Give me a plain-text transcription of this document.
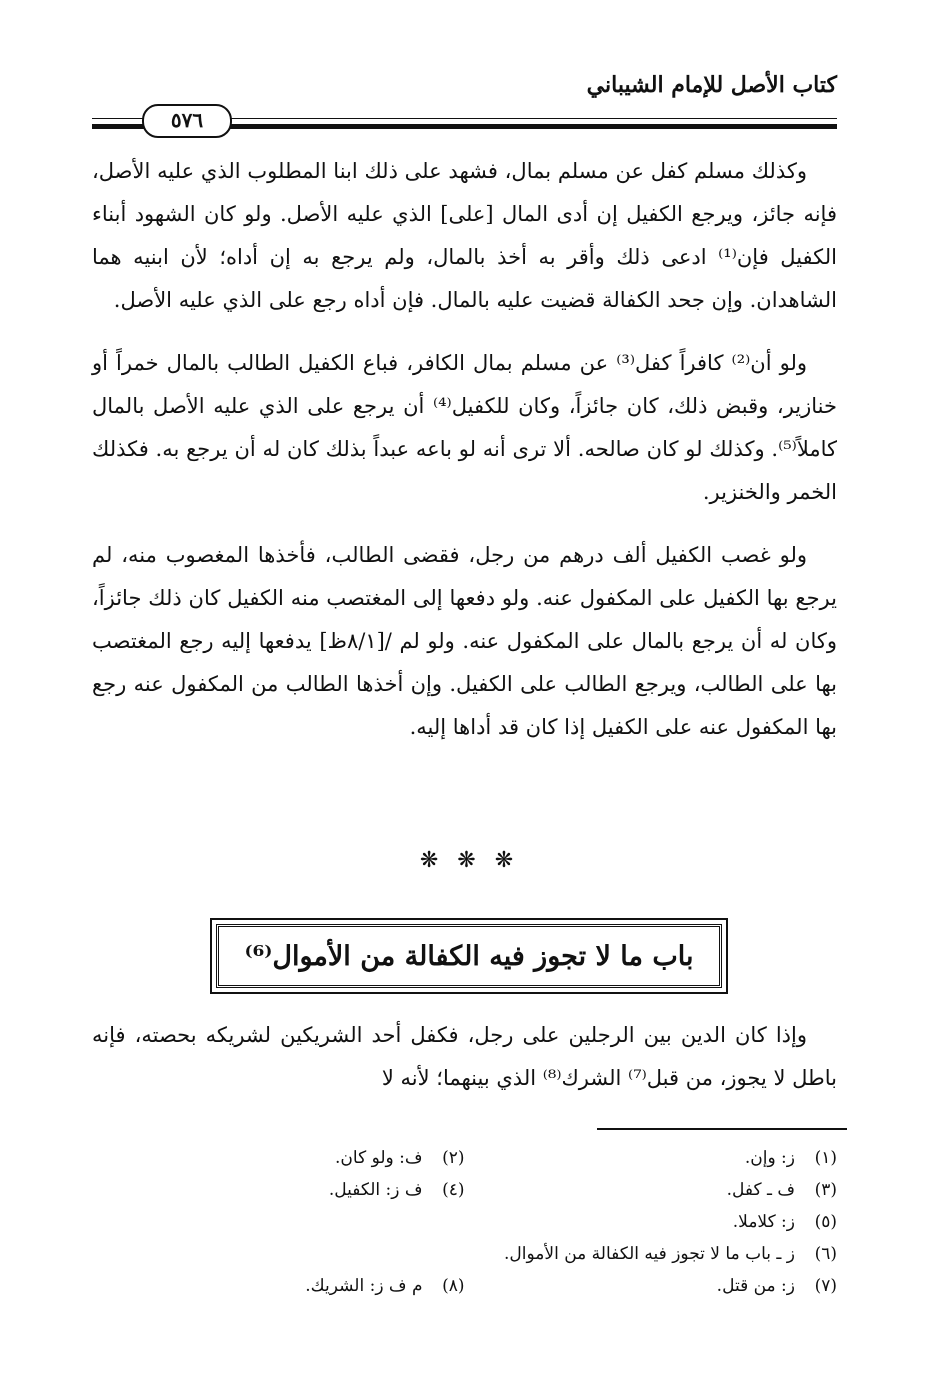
كتاب الأصل للإمام الشيباني
٥٧٦

وكذلك مسلم كفل عن مسلم بمال، فشهد على ذلك ابنا المطلوب الذي عليه الأصل، فإنه جائز، ويرجع الكفيل إن أدى المال [على] الذي عليه الأصل. ولو كان الشهود أبناء الكفيل فإن⁽¹⁾ ادعى ذلك وأقر به أخذ بالمال، ولم يرجع به إن أداه؛ لأن ابنيه هما الشاهدان. وإن جحد الكفالة قضيت عليه بالمال. فإن أداه رجع على الذي عليه الأصل.

ولو أن⁽²⁾ كافراً كفل⁽³⁾ عن مسلم بمال الكافر، فباع الكفيل الطالب بالمال خمراً أو خنازير، وقبض ذلك، كان جائزاً، وكان للكفيل⁽⁴⁾ أن يرجع على الذي عليه الأصل بالمال كاملاً⁽⁵⁾. وكذلك لو كان صالحه. ألا ترى أنه لو باعه عبداً بذلك كان له أن يرجع به. فكذلك الخمر والخنزير.

ولو غصب الكفيل ألف درهم من رجل، فقضى الطالب، فأخذها المغصوب منه، لم يرجع بها الكفيل على المكفول عنه. ولو دفعها إلى المغتصب منه الكفيل كان ذلك جائزاً، وكان له أن يرجع بالمال على المكفول عنه. ولو لم /[٨/١ظ] يدفعها إليه رجع المغتصب بها على الطالب، ويرجع الطالب على الكفيل. وإن أخذها الطالب من المكفول عنه رجع بها المكفول عنه على الكفيل إذا كان قد أداها إليه.

❋ ❋ ❋
باب ما لا تجوز فيه الكفالة من الأموال⁽⁶⁾

وإذا كان الدين بين الرجلين على رجل، فكفل أحد الشريكين لشريكه بحصته، فإنه باطل لا يجوز، من قبل⁽⁷⁾ الشرك⁽⁸⁾ الذي بينهما؛ لأنه لا

(١)
ز: وإن.
(٢)
ف: ولو كان.
(٣)
ف ـ كفل.
(٤)
ف ز: الكفيل.
(٥)
ز: كلاملا.
(٦)
ز ـ باب ما لا تجوز فيه الكفالة من الأموال.
(٧)
ز: من قتل.
(٨)
م ف ز: الشريك.
